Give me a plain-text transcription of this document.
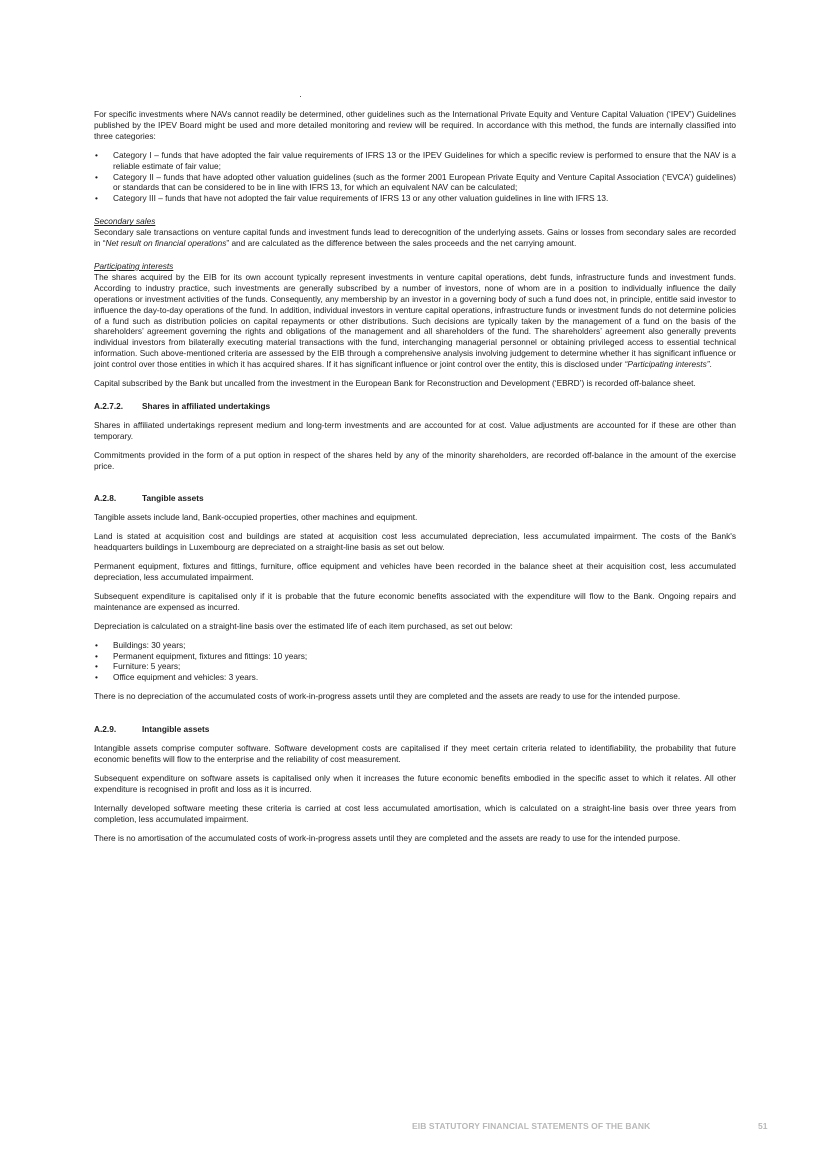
For specific investments where NAVs cannot readily be determined, other guidelines such as the International Private Equity and Venture Capital Valuation (‘IPEV’) Guidelines published by the IPEV Board might be used and more detailed monitoring and review will be required. In accordance with this method, the funds are internally classified into three categories:

• Category I – funds that have adopted the fair value requirements of IFRS 13 or the IPEV Guidelines for which a specific review is performed to ensure that the NAV is a reliable estimate of fair value;
• Category II – funds that have adopted other valuation guidelines (such as the former 2001 European Private Equity and Venture Capital Association (‘EVCA’) guidelines) or standards that can be considered to be in line with IFRS 13, for which an equivalent NAV can be calculated;
• Category III – funds that have not adopted the fair value requirements of IFRS 13 or any other valuation guidelines in line with IFRS 13.
Secondary sales

Secondary sale transactions on venture capital funds and investment funds lead to derecognition of the underlying assets. Gains or losses from secondary sales are recorded in “Net result on financial operations” and are calculated as the difference between the sales proceeds and the net carrying amount.

Participating interests

The shares acquired by the EIB for its own account typically represent investments in venture capital operations, debt funds, infrastructure funds and investment funds. According to industry practice, such investments are generally subscribed by a number of investors, none of whom are in a position to individually influence the daily operations or investment activities of the funds. Consequently, any membership by an investor in a governing body of such a fund does not, in principle, entitle said investor to influence the day-to-day operations of the fund. In addition, individual investors in venture capital operations, infrastructure funds or investment funds do not determine policies of a fund such as distribution policies on capital repayments or other distributions. Such decisions are typically taken by the management of a fund on the basis of the shareholders’ agreement governing the rights and obligations of the management and all shareholders of the fund. The shareholders’ agreement also generally prevents individual investors from bilaterally executing material transactions with the fund, interchanging managerial personnel or obtaining privileged access to essential technical information. Such above-mentioned criteria are assessed by the EIB through a comprehensive analysis involving judgement to determine whether it has significant influence or joint control over those entities in which it has acquired shares. If it has significant influence or joint control over the entity, this is disclosed under “Participating interests”.

Capital subscribed by the Bank but uncalled from the investment in the European Bank for Reconstruction and Development (‘EBRD’) is recorded off-balance sheet.

A.2.7.2. Shares in affiliated undertakings

Shares in affiliated undertakings represent medium and long-term investments and are accounted for at cost. Value adjustments are accounted for if these are other than temporary.

Commitments provided in the form of a put option in respect of the shares held by any of the minority shareholders, are recorded off-balance in the amount of the exercise price.

A.2.8.	Tangible assets

Tangible assets include land, Bank-occupied properties, other machines and equipment.

Land is stated at acquisition cost and buildings are stated at acquisition cost less accumulated depreciation, less accumulated impairment. The costs of the Bank's headquarters buildings in Luxembourg are depreciated on a straight-line basis as set out below.

Permanent equipment, fixtures and fittings, furniture, office equipment and vehicles have been recorded in the balance sheet at their acquisition cost, less accumulated depreciation, less accumulated impairment.

Subsequent expenditure is capitalised only if it is probable that the future economic benefits associated with the expenditure will flow to the Bank. Ongoing repairs and maintenance are expensed as incurred.

Depreciation is calculated on a straight-line basis over the estimated life of each item purchased, as set out below:

• Buildings: 30 years;
• Permanent equipment, fixtures and fittings: 10 years;
• Furniture: 5 years;
• Office equipment and vehicles: 3 years.

There is no depreciation of the accumulated costs of work-in-progress assets until they are completed and the assets are ready to use for the intended purpose.

A.2.9.	Intangible assets

Intangible assets comprise computer software. Software development costs are capitalised if they meet certain criteria related to identifiability, the probability that future economic benefits will flow to the enterprise and the reliability of cost measurement.

Subsequent expenditure on software assets is capitalised only when it increases the future economic benefits embodied in the specific asset to which it relates. All other expenditure is recognised in profit and loss as it is incurred.

Internally developed software meeting these criteria is carried at cost less accumulated amortisation, which is calculated on a straight-line basis over three years from completion, less accumulated impairment.

There is no amortisation of the accumulated costs of work-in-progress assets until they are completed and the assets are ready to use for the intended purpose.

EIB STATUTORY FINANCIAL STATEMENTS OF THE BANK	51
